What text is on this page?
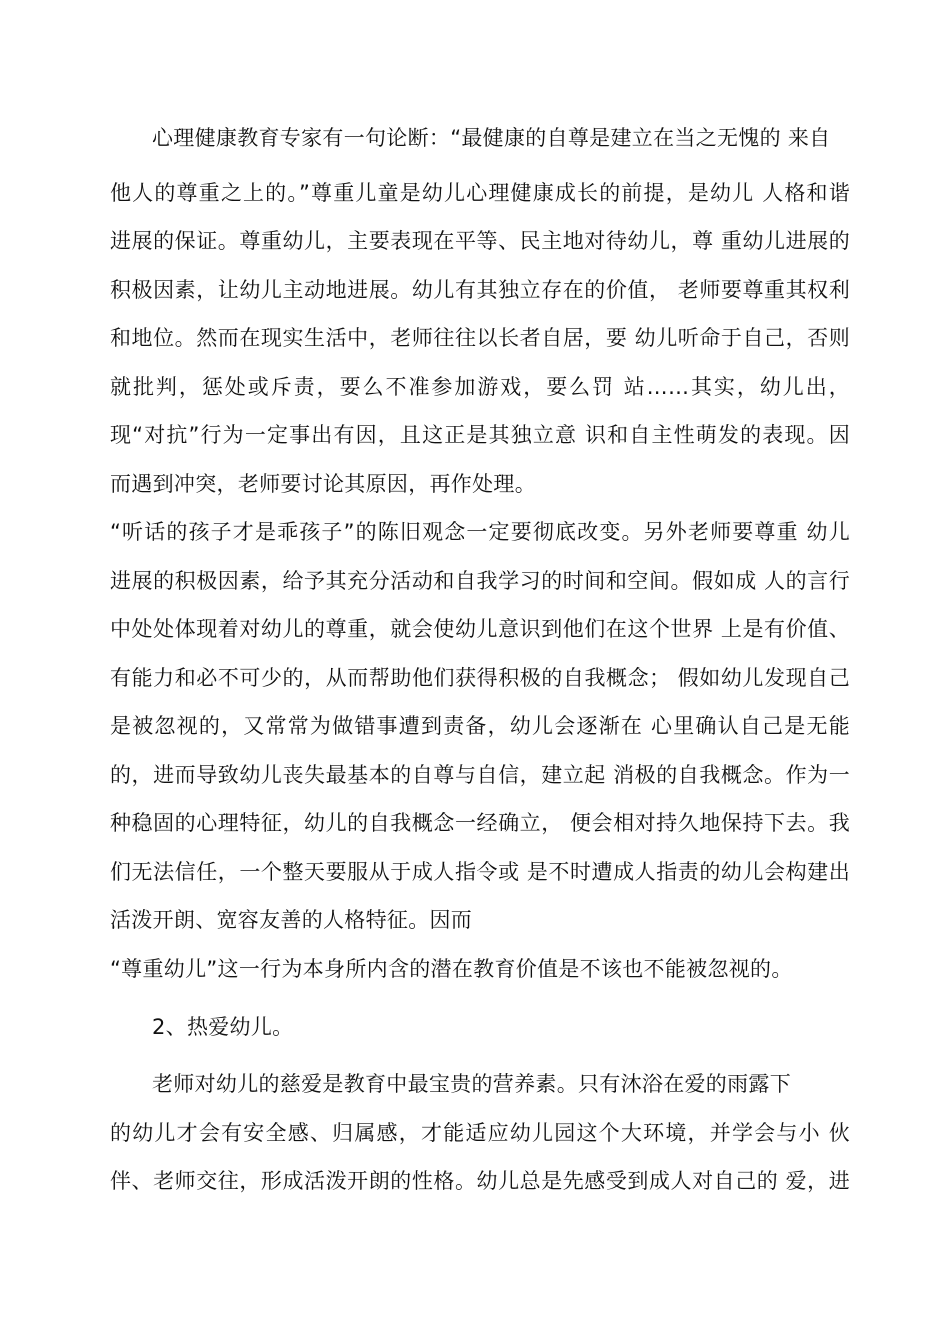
心理健康教育专家有一句论断：“最健康的自尊是建立在当之无愧的 来自
他人的尊重之上的。”尊重儿童是幼儿心理健康成长的前提，是幼儿 人格和谐
进展的保证。尊重幼儿，主要表现在平等、民主地对待幼儿，尊 重幼儿进展的
积极因素，让幼儿主动地进展。幼儿有其独立存在的价值， 老师要尊重其权利
和地位。然而在现实生活中，老师往往以长者自居，要 幼儿听命于自己，否则
就批判，惩处或斥责，要么不准参加游戏，要么罚 站……其实，幼儿出，
现“对抗”行为一定事出有因，且这正是其独立意 识和自主性萌发的表现。因
而遇到冲突，老师要讨论其原因，再作处理。
“听话的孩子才是乖孩子”的陈旧观念一定要彻底改变。另外老师要尊重 幼儿
进展的积极因素，给予其充分活动和自我学习的时间和空间。假如成 人的言行
中处处体现着对幼儿的尊重，就会使幼儿意识到他们在这个世界 上是有价值、
有能力和必不可少的，从而帮助他们获得积极的自我概念； 假如幼儿发现自己
是被忽视的，又常常为做错事遭到责备，幼儿会逐渐在 心里确认自己是无能
的，进而导致幼儿丧失最基本的自尊与自信，建立起 消极的自我概念。作为一
种稳固的心理特征，幼儿的自我概念一经确立， 便会相对持久地保持下去。我
们无法信任，一个整天要服从于成人指令或 是不时遭成人指责的幼儿会构建出
活泼开朗、宽容友善的人格特征。因而
“尊重幼儿”这一行为本身所内含的潜在教育价值是不该也不能被忽视的。
2、热爱幼儿。
老师对幼儿的慈爱是教育中最宝贵的营养素。只有沐浴在爱的雨露下
的幼儿才会有安全感、归属感，才能适应幼儿园这个大环境，并学会与小 伙
伴、老师交往，形成活泼开朗的性格。幼儿总是先感受到成人对自己的 爱，进
